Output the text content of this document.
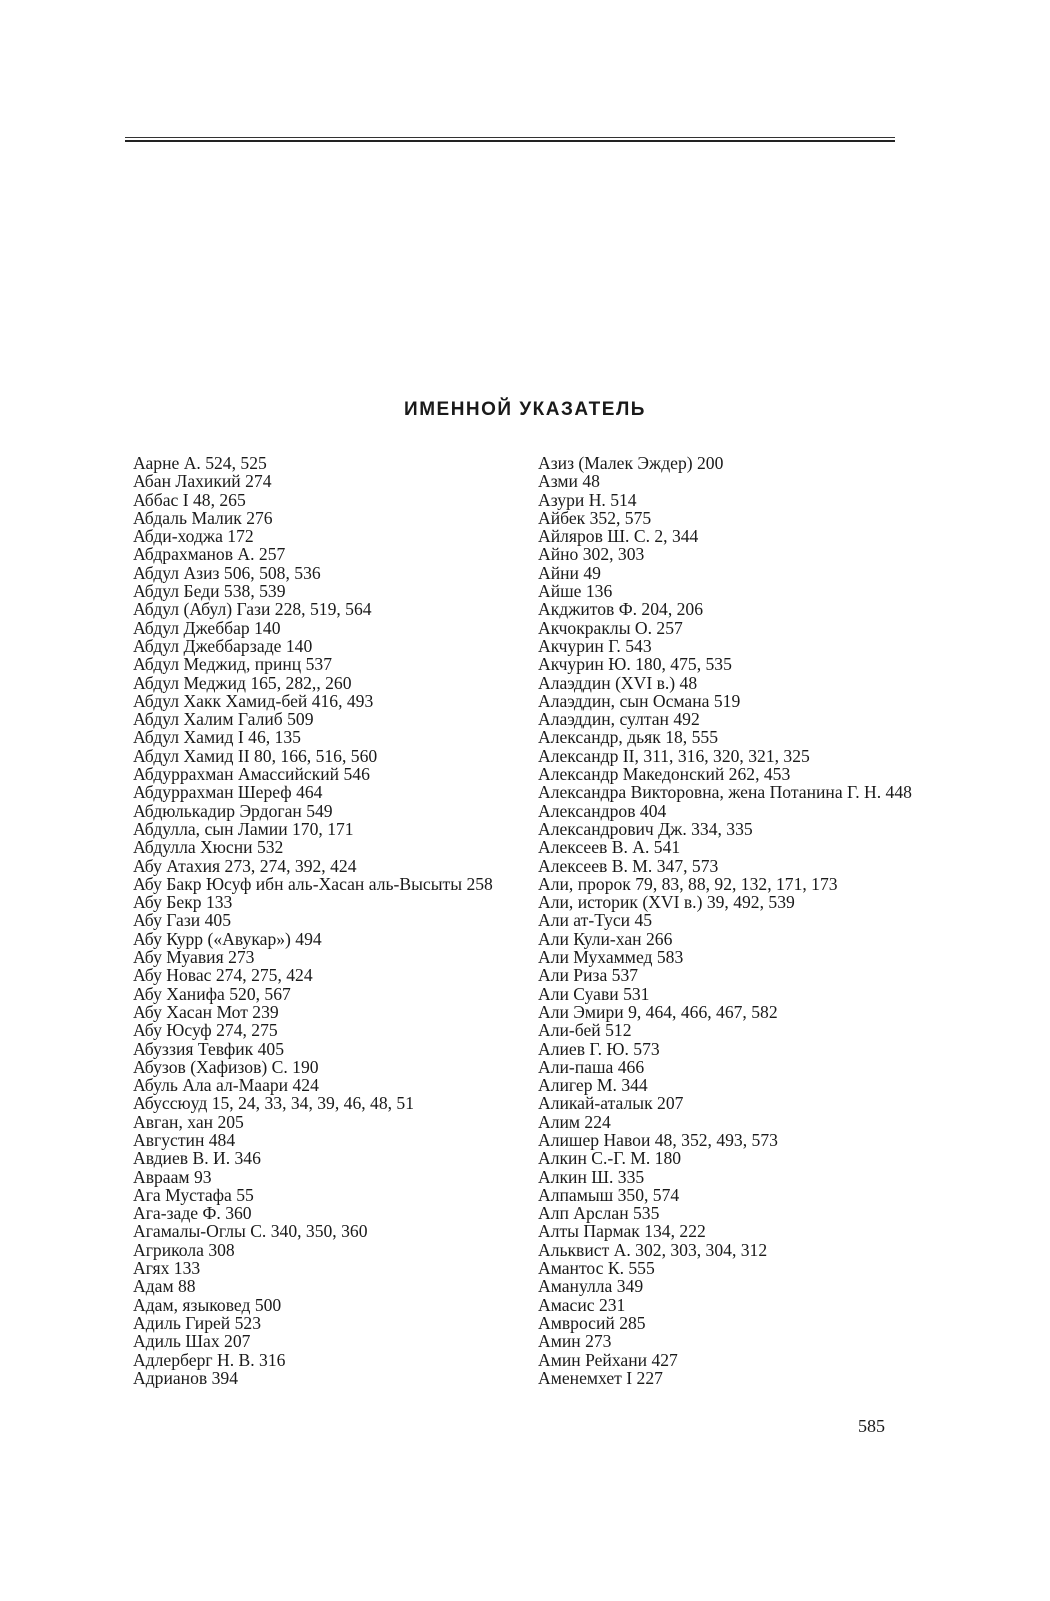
ИМЕННОЙ УКАЗАТЕЛЬ
Аарне А. 524, 525
Абан Лахикий 274
Аббас I 48, 265
Абдаль Малик 276
Абди-ходжа 172
Абдрахманов А. 257
Абдул Азиз 506, 508, 536
Абдул Беди 538, 539
Абдул (Абул) Гази 228, 519, 564
Абдул Джеббар 140
Абдул Джеббарзаде 140
Абдул Меджид, принц 537
Абдул Меджид 165, 282,, 260
Абдул Хакк Хамид-бей 416, 493
Абдул Халим Галиб 509
Абдул Хамид I 46, 135
Абдул Хамид II 80, 166, 516, 560
Абдуррахман Амассийский 546
Абдуррахман Шереф 464
Абдюлькадир Эрдоган 549
Абдулла, сын Ламии 170, 171
Абдулла Хюсни 532
Абу Атахия 273, 274, 392, 424
Абу Бакр Юсуф ибн аль-Хасан аль-Высыты 258
Абу Бекр 133
Абу Гази 405
Абу Курр («Авукар») 494
Абу Муавия 273
Абу Новас 274, 275, 424
Абу Ханифа 520, 567
Абу Хасан Мот 239
Абу Юсуф 274, 275
Абуззия Тевфик 405
Абузов (Хафизов) С. 190
Абуль Ала ал-Маари 424
Абуссюуд 15, 24, 33, 34, 39, 46, 48, 51
Авган, хан 205
Августин 484
Авдиев В. И. 346
Авраам 93
Ага Мустафа 55
Ага-заде Ф. 360
Агамалы-Оглы С. 340, 350, 360
Агрикола 308
Агях 133
Адам 88
Адам, языковед 500
Адиль Гирей 523
Адиль Шах 207
Адлерберг Н. В. 316
Адрианов 394
Азиз (Малек Эждер) 200
Азми 48
Азури Н. 514
Айбек 352, 575
Айляров Ш. С. 2, 344
Айно 302, 303
Айни 49
Айше 136
Акджитов Ф. 204, 206
Акчокраклы О. 257
Акчурин Г. 543
Акчурин Ю. 180, 475, 535
Алаэддин (XVI в.) 48
Алаэддин, сын Османа 519
Алаэддин, султан 492
Александр, дьяк 18, 555
Александр II, 311, 316, 320, 321, 325
Александр Македонский 262, 453
Александра Викторовна, жена Потанина Г. Н. 448
Александров 404
Александрович Дж. 334, 335
Алексеев В. А. 541
Алексеев В. М. 347, 573
Али, пророк 79, 83, 88, 92, 132, 171, 173
Али, историк (XVI в.) 39, 492, 539
Али ат-Туси 45
Али Кули-хан 266
Али Мухаммед 583
Али Риза 537
Али Суави 531
Али Эмири 9, 464, 466, 467, 582
Али-бей 512
Алиев Г. Ю. 573
Али-паша 466
Алигер М. 344
Аликай-аталык 207
Алим 224
Алишер Навои 48, 352, 493, 573
Алкин С.-Г. М. 180
Алкин Ш. 335
Алпамыш 350, 574
Алп Арслан 535
Алты Пармак 134, 222
Альквист А. 302, 303, 304, 312
Амантос К. 555
Аманулла 349
Амасис 231
Амвросий 285
Амин 273
Амин Рейхани 427
Аменемхет I 227
585
